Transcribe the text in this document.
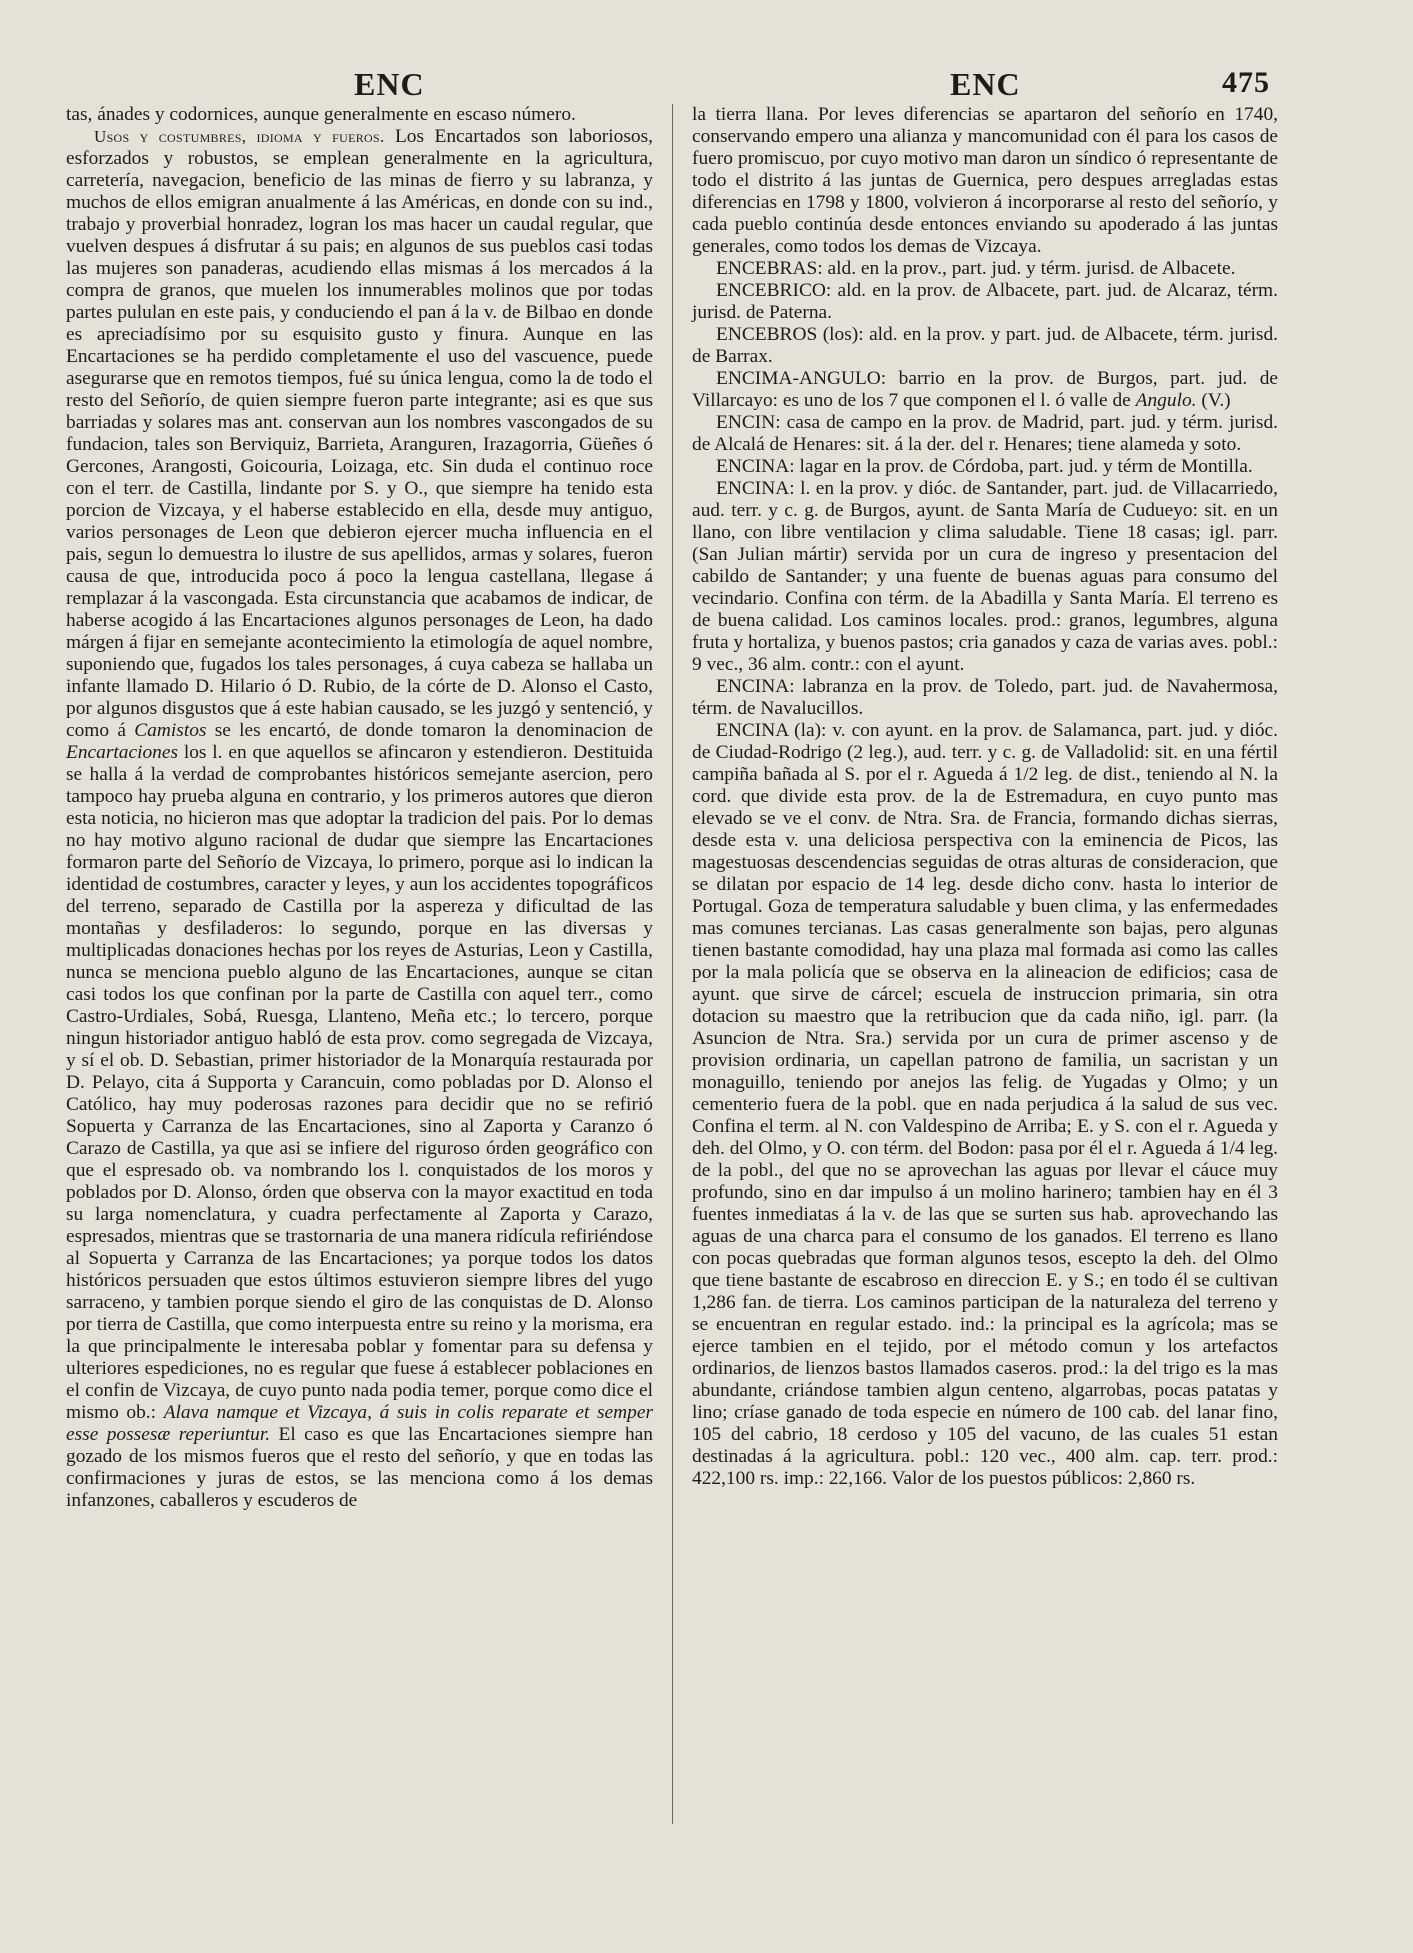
ENC	ENC	475

tas, ánades y codornices, aunque generalmente en escaso número.

Usos y costumbres, idioma y fueros. Los Encartados son laboriosos, esforzados y robustos, se emplean generalmente en la agricultura, carretería, navegacion, beneficio de las minas de fierro y su labranza, y muchos de ellos emigran anualmente á las Américas, en donde con su ind., trabajo y proverbial honradez, logran los mas hacer un caudal regular, que vuelven despues á disfrutar á su pais; en algunos de sus pueblos casi todas las mujeres son panaderas, acudiendo ellas mismas á los mercados á la compra de granos, que muelen los innumerables molinos que por todas partes pululan en este pais, y conduciendo el pan á la v. de Bilbao en donde es apreciadísimo por su esquisito gusto y finura. Aunque en las Encartaciones se ha perdido completamente el uso del vascuence, puede asegurarse que en remotos tiempos, fué su única lengua, como la de todo el resto del Señorío, de quien siempre fueron parte integrante; asi es que sus barriadas y solares mas ant. conservan aun los nombres vascongados de su fundacion, tales son Berviquiz, Barrieta, Aranguren, Irazagorria, Güeñes ó Gercones, Arangosti, Goicouria, Loizaga, etc. Sin duda el continuo roce con el terr. de Castilla, lindante por S. y O., que siempre ha tenido esta porcion de Vizcaya, y el haberse establecido en ella, desde muy antiguo, varios personages de Leon que debieron ejercer mucha influencia en el pais, segun lo demuestra lo ilustre de sus apellidos, armas y solares, fueron causa de que, introducida poco á poco la lengua castellana, llegase á remplazar á la vascongada. Esta circunstancia que acabamos de indicar, de haberse acogido á las Encartaciones algunos personages de Leon, ha dado márgen á fijar en semejante acontecimiento la etimología de aquel nombre, suponiendo que, fugados los tales personages, á cuya cabeza se hallaba un infante llamado D. Hilario ó D. Rubio, de la córte de D. Alonso el Casto, por algunos disgustos que á este habian causado, se les juzgó y sentenció, y como á Camistos se les encartó, de donde tomaron la denominacion de Encartaciones los l. en que aquellos se afincaron y estendieron. Destituida se halla á la verdad de comprobantes históricos semejante asercion, pero tampoco hay prueba alguna en contrario, y los primeros autores que dieron esta noticia, no hicieron mas que adoptar la tradicion del pais. Por lo demas no hay motivo alguno racional de dudar que siempre las Encartaciones formaron parte del Señorío de Vizcaya, lo primero, porque asi lo indican la identidad de costumbres, caracter y leyes, y aun los accidentes topográficos del terreno, separado de Castilla por la aspereza y dificultad de las montañas y desfiladeros: lo segundo, porque en las diversas y multiplicadas donaciones hechas por los reyes de Asturias, Leon y Castilla, nunca se menciona pueblo alguno de las Encartaciones, aunque se citan casi todos los que confinan por la parte de Castilla con aquel terr., como Castro-Urdiales, Sobá, Ruesga, Llanteno, Meña etc.; lo tercero, porque ningun historiador antiguo habló de esta prov. como segregada de Vizcaya, y sí el ob. D. Sebastian, primer historiador de la Monarquía restaurada por D. Pelayo, cita á Supporta y Carancuin, como pobladas por D. Alonso el Católico, hay muy poderosas razones para decidir que no se refirió Sopuerta y Carranza de las Encartaciones, sino al Zaporta y Caranzo ó Carazo de Castilla, ya que asi se infiere del riguroso órden geográfico con que el espresado ob. va nombrando los l. conquistados de los moros y poblados por D. Alonso, órden que observa con la mayor exactitud en toda su larga nomenclatura, y cuadra perfectamente al Zaporta y Carazo, espresados, mientras que se trastornaria de una manera ridícula refiriéndose al Sopuerta y Carranza de las Encartaciones; ya porque todos los datos históricos persuaden que estos últimos estuvieron siempre libres del yugo sarraceno, y tambien porque siendo el giro de las conquistas de D. Alonso por tierra de Castilla, que como interpuesta entre su reino y la morisma, era la que principalmente le interesaba poblar y fomentar para su defensa y ulteriores espediciones, no es regular que fuese á establecer poblaciones en el confin de Vizcaya, de cuyo punto nada podia temer, porque como dice el mismo ob.: Alava namque et Vizcaya, á suis in colis reparate et semper esse possesæ reperiuntur. El caso es que las Encartaciones siempre han gozado de los mismos fueros que el resto del señorío, y que en todas las confirmaciones y juras de estos, se las menciona como á los demas infanzones, caballeros y escuderos de

la tierra llana. Por leves diferencias se apartaron del señorío en 1740, conservando empero una alianza y mancomunidad con él para los casos de fuero promiscuo, por cuyo motivo man daron un síndico ó representante de todo el distrito á las juntas de Guernica, pero despues arregladas estas diferencias en 1798 y 1800, volvieron á incorporarse al resto del señorío, y cada pueblo continúa desde entonces enviando su apoderado á las juntas generales, como todos los demas de Vizcaya.

ENCEBRAS: ald. en la prov., part. jud. y térm. jurisd. de Albacete.

ENCEBRICO: ald. en la prov. de Albacete, part. jud. de Alcaraz, térm. jurisd. de Paterna.

ENCEBROS (los): ald. en la prov. y part. jud. de Albacete, térm. jurisd. de Barrax.

ENCIMA-ANGULO: barrio en la prov. de Burgos, part. jud. de Villarcayo: es uno de los 7 que componen el l. ó valle de Angulo. (V.)

ENCIN: casa de campo en la prov. de Madrid, part. jud. y térm. jurisd. de Alcalá de Henares: sit. á la der. del r. Henares; tiene alameda y soto.

ENCINA: lagar en la prov. de Córdoba, part. jud. y térm de Montilla.

ENCINA: l. en la prov. y dióc. de Santander, part. jud. de Villacarriedo, aud. terr. y c. g. de Burgos, ayunt. de Santa María de Cudueyo: sit. en un llano, con libre ventilacion y clima saludable. Tiene 18 casas; igl. parr. (San Julian mártir) servida por un cura de ingreso y presentacion del cabildo de Santander; y una fuente de buenas aguas para consumo del vecindario. Confina con térm. de la Abadilla y Santa María. El terreno es de buena calidad. Los caminos locales. prod.: granos, legumbres, alguna fruta y hortaliza, y buenos pastos; cria ganados y caza de varias aves. pobl.: 9 vec., 36 alm. contr.: con el ayunt.

ENCINA: labranza en la prov. de Toledo, part. jud. de Navahermosa, térm. de Navalucillos.

ENCINA (la): v. con ayunt. en la prov. de Salamanca, part. jud. y dióc. de Ciudad-Rodrigo (2 leg.), aud. terr. y c. g. de Valladolid: sit. en una fértil campiña bañada al S. por el r. Agueda á 1/2 leg. de dist., teniendo al N. la cord. que divide esta prov. de la de Estremadura, en cuyo punto mas elevado se ve el conv. de Ntra. Sra. de Francia, formando dichas sierras, desde esta v. una deliciosa perspectiva con la eminencia de Picos, las magestuosas descendencias seguidas de otras alturas de consideracion, que se dilatan por espacio de 14 leg. desde dicho conv. hasta lo interior de Portugal. Goza de temperatura saludable y buen clima, y las enfermedades mas comunes tercianas. Las casas generalmente son bajas, pero algunas tienen bastante comodidad, hay una plaza mal formada asi como las calles por la mala policía que se observa en la alineacion de edificios; casa de ayunt. que sirve de cárcel; escuela de instruccion primaria, sin otra dotacion su maestro que la retribucion que da cada niño, igl. parr. (la Asuncion de Ntra. Sra.) servida por un cura de primer ascenso y de provision ordinaria, un capellan patrono de familia, un sacristan y un monaguillo, teniendo por anejos las felig. de Yugadas y Olmo; y un cementerio fuera de la pobl. que en nada perjudica á la salud de sus vec. Confina el term. al N. con Valdespino de Arriba; E. y S. con el r. Agueda y deh. del Olmo, y O. con térm. del Bodon: pasa por él el r. Agueda á 1/4 leg. de la pobl., del que no se aprovechan las aguas por llevar el cáuce muy profundo, sino en dar impulso á un molino harinero; tambien hay en él 3 fuentes inmediatas á la v. de las que se surten sus hab. aprovechando las aguas de una charca para el consumo de los ganados. El terreno es llano con pocas quebradas que forman algunos tesos, escepto la deh. del Olmo que tiene bastante de escabroso en direccion E. y S.; en todo él se cultivan 1,286 fan. de tierra. Los caminos participan de la naturaleza del terreno y se encuentran en regular estado. ind.: la principal es la agrícola; mas se ejerce tambien en el tejido, por el método comun y los artefactos ordinarios, de lienzos bastos llamados caseros. prod.: la del trigo es la mas abundante, criándose tambien algun centeno, algarrobas, pocas patatas y lino; críase ganado de toda especie en número de 100 cab. del lanar fino, 105 del cabrio, 18 cerdoso y 105 del vacuno, de las cuales 51 estan destinadas á la agricultura. pobl.: 120 vec., 400 alm. cap. terr. prod.: 422,100 rs. imp.: 22,166. Valor de los puestos públicos: 2,860 rs.
